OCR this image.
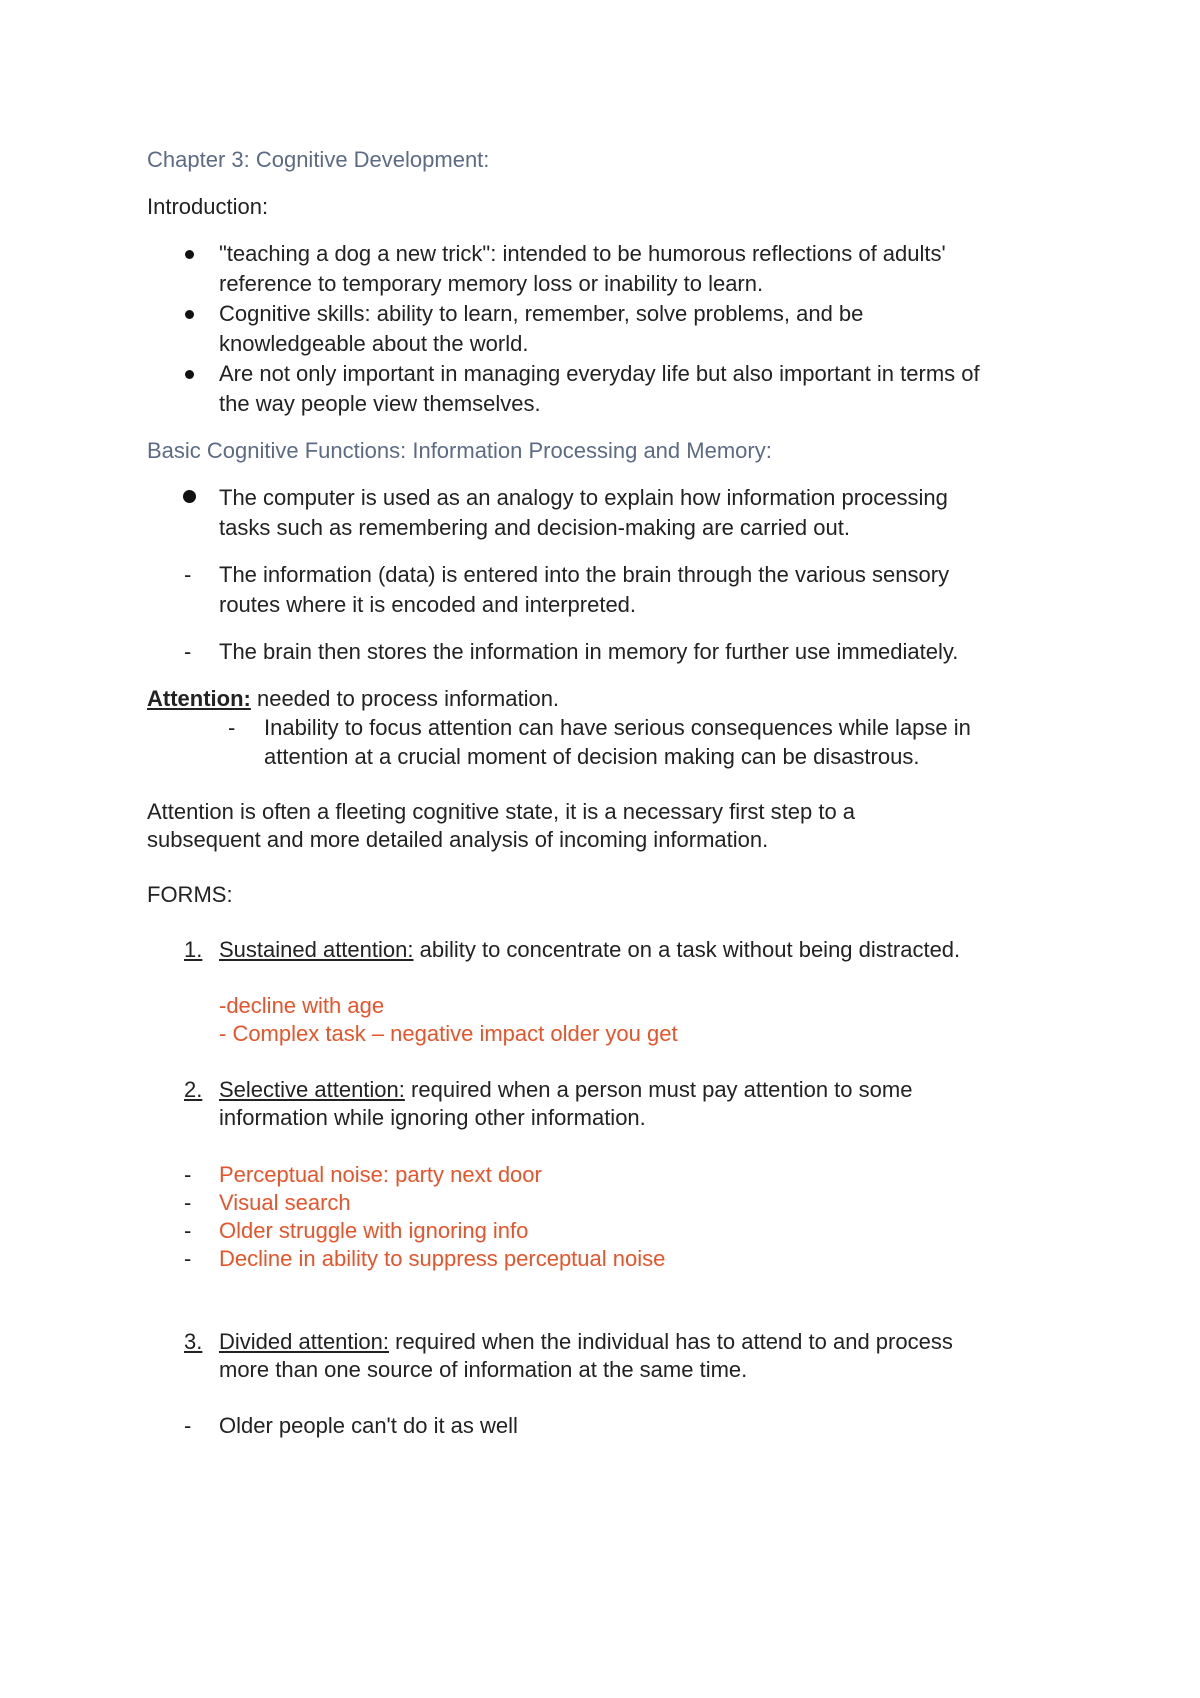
Chapter 3: Cognitive Development:
Introduction:
"teaching a dog a new trick": intended to be humorous reflections of adults'
reference to temporary memory loss or inability to learn.
Cognitive skills: ability to learn, remember, solve problems, and be
knowledgeable about the world.
Are not only important in managing everyday life but also important in terms of
the way people view themselves.
Basic Cognitive Functions: Information Processing and Memory:
The computer is used as an analogy to explain how information processing
tasks such as remembering and decision-making are carried out.
- The information (data) is entered into the brain through the various sensory
routes where it is encoded and interpreted.
- The brain then stores the information in memory for further use immediately.
Attention: needed to process information.
- Inability to focus attention can have serious consequences while lapse in
attention at a crucial moment of decision making can be disastrous.
Attention is often a fleeting cognitive state, it is a necessary first step to a
subsequent and more detailed analysis of incoming information.
FORMS:
1. Sustained attention: ability to concentrate on a task without being distracted.
-decline with age
- Complex task – negative impact older you get
2. Selective attention: required when a person must pay attention to some
information while ignoring other information.
- Perceptual noise: party next door
- Visual search
- Older struggle with ignoring info
- Decline in ability to suppress perceptual noise
3. Divided attention: required when the individual has to attend to and process
more than one source of information at the same time.
- Older people can't do it as well
